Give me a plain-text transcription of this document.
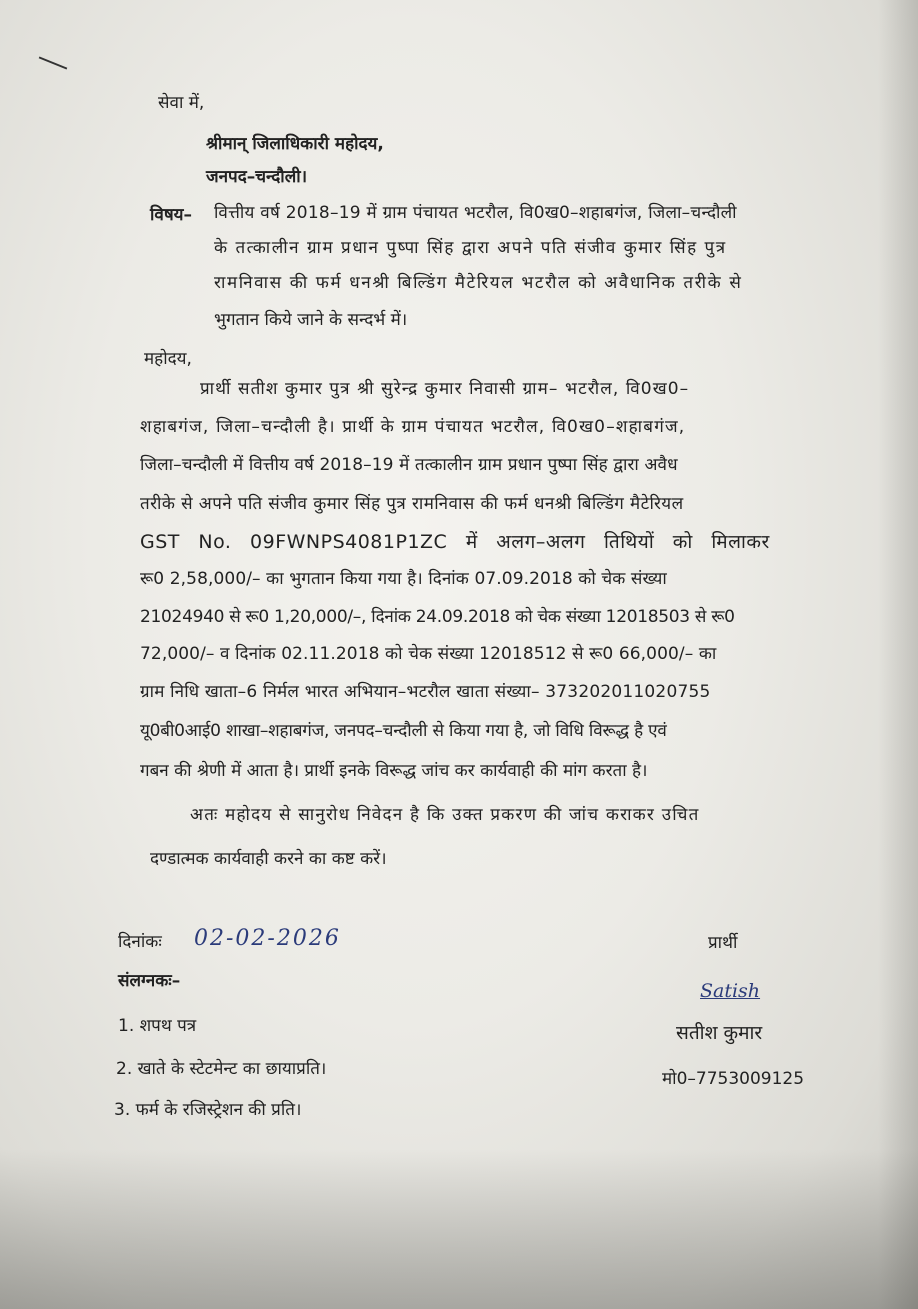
सेवा में,
श्रीमान् जिलाधिकारी महोदय,
जनपद–चन्दौली।
विषय– वित्तीय वर्ष 2018–19 में ग्राम पंचायत भटरौल, वि0ख0–शहाबगंज, जिला–चन्दौली
के तत्कालीन ग्राम प्रधान पुष्पा सिंह द्वारा अपने पति संजीव कुमार सिंह पुत्र
रामनिवास की फर्म धनश्री बिल्डिंग मैटेरियल भटरौल को अवैधानिक तरीके से
भुगतान किये जाने के सन्दर्भ में।
महोदय,
प्रार्थी सतीश कुमार पुत्र श्री सुरेन्द्र कुमार निवासी ग्राम– भटरौल, वि0ख0–
शहाबगंज, जिला–चन्दौली है। प्रार्थी के ग्राम पंचायत भटरौल, वि0ख0–शहाबगंज,
जिला–चन्दौली में वित्तीय वर्ष 2018–19 में तत्कालीन ग्राम प्रधान पुष्पा सिंह द्वारा अवैध
तरीके से अपने पति संजीव कुमार सिंह पुत्र रामनिवास की फर्म धनश्री बिल्डिंग मैटेरियल
GST No. 09FWNPS4081P1ZC में अलग–अलग तिथियों को मिलाकर
रू0 2,58,000/– का भुगतान किया गया है। दिनांक 07.09.2018 को चेक संख्या
21024940 से रू0 1,20,000/–, दिनांक 24.09.2018 को चेक संख्या 12018503 से रू0
72,000/– व दिनांक 02.11.2018 को चेक संख्या 12018512 से रू0 66,000/– का
ग्राम निधि खाता–6 निर्मल भारत अभियान–भटरौल खाता संख्या– 373202011020755
यू0बी0आई0 शाखा–शहाबगंज, जनपद–चन्दौली से किया गया है, जो विधि विरूद्ध है एवं
गबन की श्रेणी में आता है। प्रार्थी इनके विरूद्ध जांच कर कार्यवाही की मांग करता है।
अतः महोदय से सानुरोध निवेदन है कि उक्त प्रकरण की जांच कराकर उचित
दण्डात्मक कार्यवाही करने का कष्ट करें।
दिनांकः 02-02-2026
संलग्नकः–
1. शपथ पत्र
2. खाते के स्टेटमेन्ट का छायाप्रति।
3. फर्म के रजिस्ट्रेशन की प्रति।
प्रार्थी
Satish
सतीश कुमार
मो0–7753009125
